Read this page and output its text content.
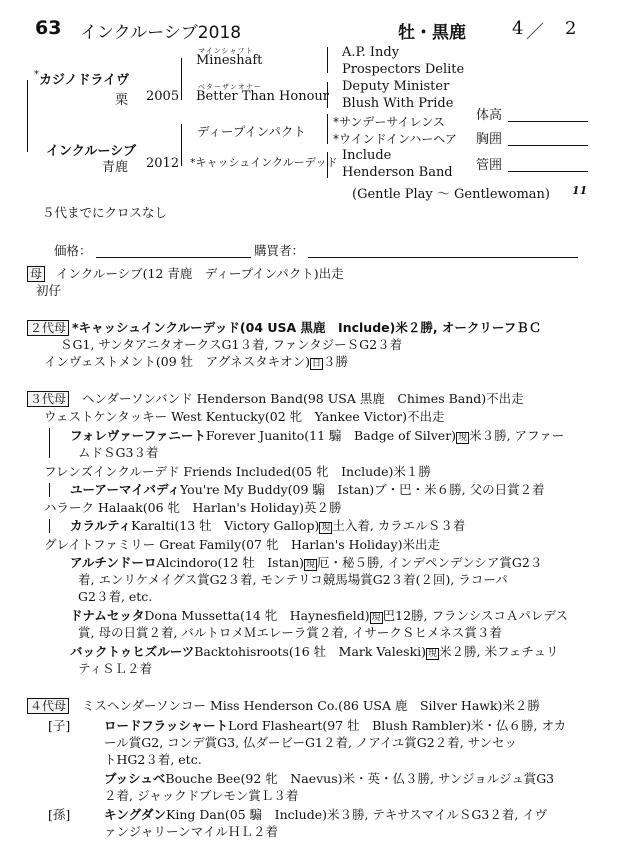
63 インクルーシブ2018	牡・黒鹿	4 ／ 2
*カジノドライヴ
栗 2005
インクルーシブ
青鹿 2012
マインシャフト
Mineshaft
ベターザンオナー
Better Than Honour
ディープインパクト
*キャッシュインクルーデッド
A.P. Indy
Prospectors Delite
Deputy Minister
Blush With Pride
*サンデーサイレンス
*ウインドインハーヘア
Include
Henderson Band
(Gentle Play 〜 Gentlewoman) 11
体高
胸囲
管囲
５代までにクロスなし
価格：	購買者：
母 インクルーシブ(12 青鹿　ディープインパクト)出走
初仔
２代母 *キャッシュインクルーデッド(04 USA 黒鹿　Include)米２勝, オークリーフＢＣ
ＳG1, サンタアニタオークスG1３着, ファンタジーＳG2３着
インヴェストメント(09 牡　アグネスタキオン) 日 ３勝
３代母 ヘンダーソンバンド Henderson Band(98 USA 黒鹿　Chimes Band)不出走
ウェストケンタッキー West Kentucky(02 牝　Yankee Victor)不出走
フォレヴァーファニートForever Juanito(11 騸　Badge of Silver) 現 米３勝, アファー
ムドＳG3３着
フレンズインクルーデド Friends Included(05 牝　Include)米１勝
ユーアーマイバディYou're My Buddy(09 騸　Istan)ブ・巴・米６勝, 父の日賞２着
ハラーク Halaak(06 牝　Harlan's Holiday)英２勝
カラルティKaralti(13 牡　Victory Gallop) 現 土入着, カラエルＳ３着
グレイトファミリー Great Family(07 牝　Harlan's Holiday)米出走
アルチンドーロAlcindoro(12 牡　Istan) 現 厄・秘５勝, インデペンデンシア賞G2３
着, エンリケメイグス賞G2３着, モンテリコ競馬場賞G2３着(２回), ラコーパ
G2３着, etc.
ドナムセッタDona Mussetta(14 牝　Haynesfield) 現 巴12勝, フランシスコＡパレデス
賞, 母の日賞２着, バルトロメＭエレーラ賞２着, イサークＳヒメネス賞３着
バックトゥヒズルーツBacktohisroots(16 牡　Mark Valeski) 現 米２勝, 米フェチュリ
ティＳＬ２着
４代母 ミスヘンダーソンコー Miss Henderson Co.(86 USA 鹿　Silver Hawk)米２勝
[子]	ロードフラッシャートLord Flasheart(97 牡　Blush Rambler)米・仏６勝, オカ
ール賞G2, コンデ賞G3, 仏ダービーG1２着, ノアイユ賞G2２着, サンセッ
トHG2３着, etc.
ブッシュベBouche Bee(92 牝　Naevus)米・英・仏３勝, サンジョルジュ賞G3
２着, ジャックドブレモン賞Ｌ３着
[孫]	キングダンKing Dan(05 騸　Include)米３勝, テキサスマイルＳG3２着, イヴ
ァンジャリーンマイルＨＬ２着
